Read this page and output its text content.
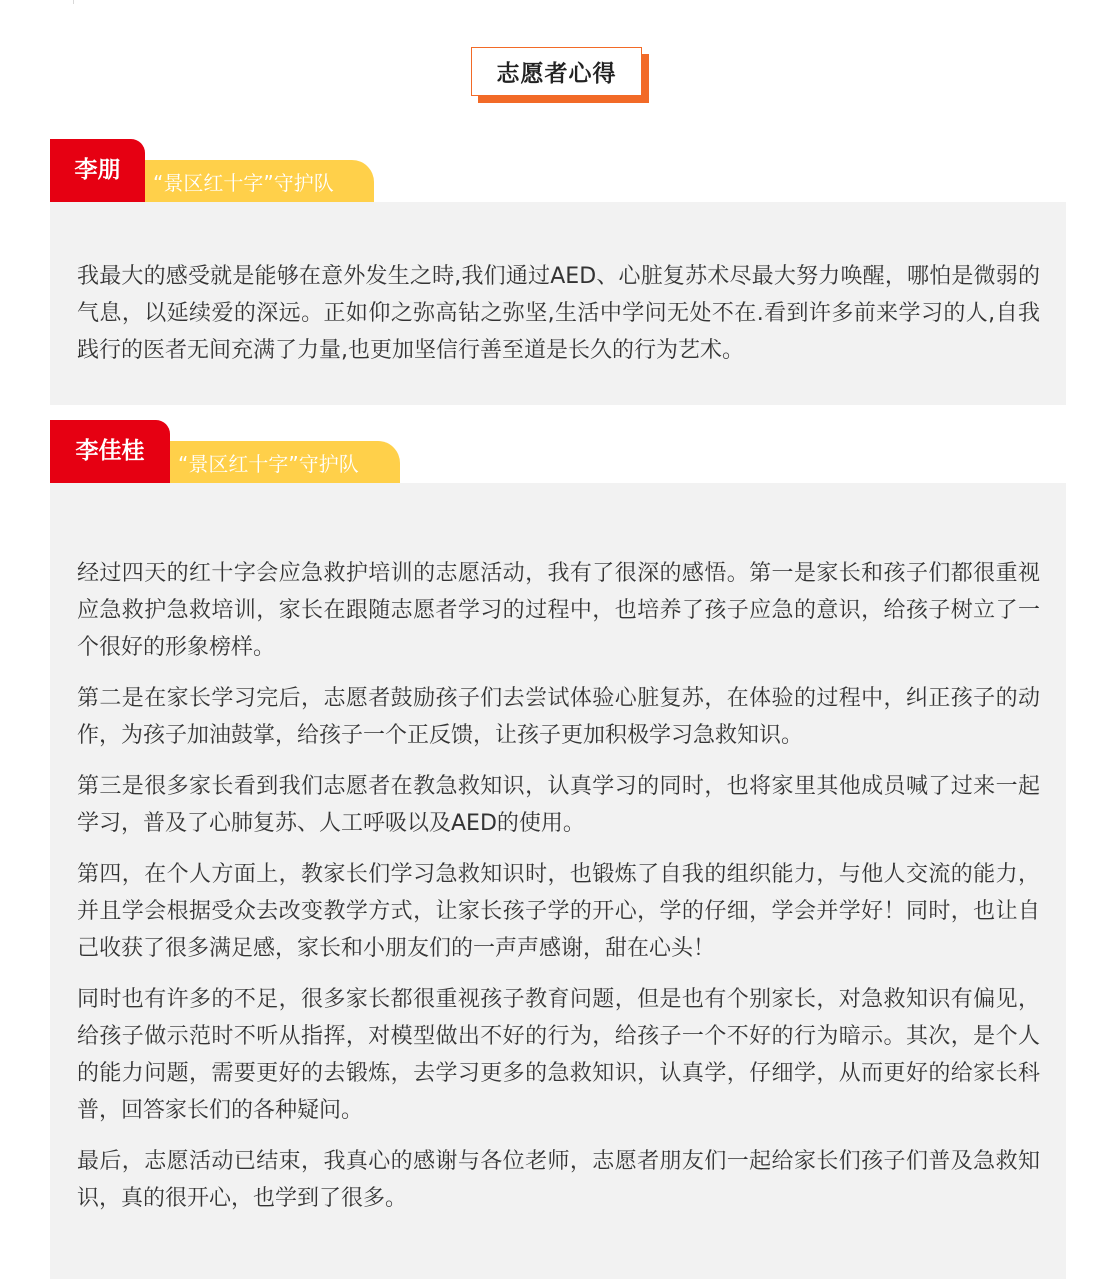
志愿者心得
李朋 “景区红十字”守护队

我最大的感受就是能够在意外发生之時,我们通过AED、心脏复苏术尽最大努力唤醒，哪怕是微弱的气息，以延续爱的深远。正如仰之弥高钻之弥坚,生活中学问无处不在.看到许多前来学习的人,自我践行的医者无间充满了力量,也更加坚信行善至道是长久的行为艺术。

李佳桂 “景区红十字”守护队

经过四天的红十字会应急救护培训的志愿活动，我有了很深的感悟。第一是家长和孩子们都很重视应急救护急救培训，家长在跟随志愿者学习的过程中，也培养了孩子应急的意识，给孩子树立了一个很好的形象榜样。

第二是在家长学习完后，志愿者鼓励孩子们去尝试体验心脏复苏，在体验的过程中，纠正孩子的动作，为孩子加油鼓掌，给孩子一个正反馈，让孩子更加积极学习急救知识。

第三是很多家长看到我们志愿者在教急救知识，认真学习的同时，也将家里其他成员喊了过来一起学习，普及了心肺复苏、人工呼吸以及AED的使用。

第四，在个人方面上，教家长们学习急救知识时，也锻炼了自我的组织能力，与他人交流的能力，并且学会根据受众去改变教学方式，让家长孩子学的开心，学的仔细，学会并学好！同时，也让自己收获了很多满足感，家长和小朋友们的一声声感谢，甜在心头！

同时也有许多的不足，很多家长都很重视孩子教育问题，但是也有个别家长，对急救知识有偏见，给孩子做示范时不听从指挥，对模型做出不好的行为，给孩子一个不好的行为暗示。其次，是个人的能力问题，需要更好的去锻炼，去学习更多的急救知识，认真学，仔细学，从而更好的给家长科普，回答家长们的各种疑问。

最后，志愿活动已结束，我真心的感谢与各位老师，志愿者朋友们一起给家长们孩子们普及急救知识，真的很开心，也学到了很多。
